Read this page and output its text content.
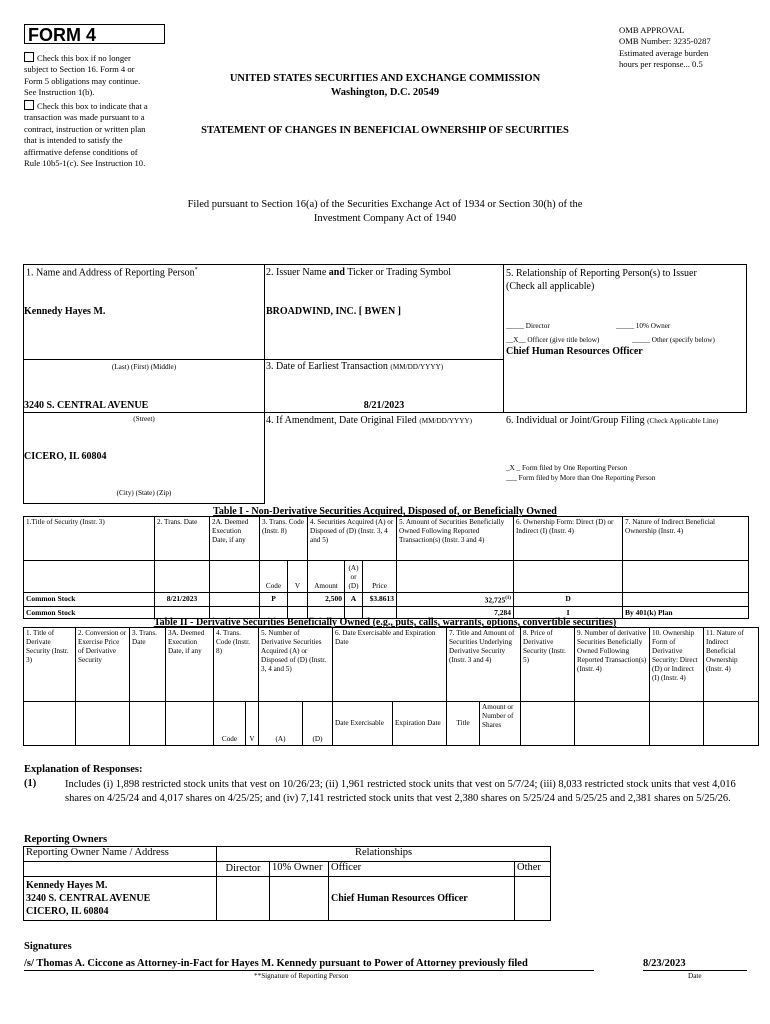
FORM 4
Check this box if no longer subject to Section 16. Form 4 or Form 5 obligations may continue. See Instruction 1(b).
Check this box to indicate that a transaction was made pursuant to a contract, instruction or written plan that is intended to satisfy the affirmative defense conditions of Rule 10b5-1(c). See Instruction 10.
UNITED STATES SECURITIES AND EXCHANGE COMMISSION
Washington, D.C. 20549
STATEMENT OF CHANGES IN BENEFICIAL OWNERSHIP OF SECURITIES
OMB APPROVAL
OMB Number: 3235-0287
Estimated average burden
hours per response... 0.5
Filed pursuant to Section 16(a) of the Securities Exchange Act of 1934 or Section 30(h) of the
Investment Company Act of 1940
1. Name and Address of Reporting Person*
Kennedy Hayes M.
(Last) (First) (Middle)
3240 S. CENTRAL AVENUE
(Street)
CICERO, IL 60804
(City) (State) (Zip)
2. Issuer Name and Ticker or Trading Symbol
BROADWIND, INC. [ BWEN ]
3. Date of Earliest Transaction (MM/DD/YYYY)
8/21/2023
4. If Amendment, Date Original Filed (MM/DD/YYYY)
5. Relationship of Reporting Person(s) to Issuer
(Check all applicable)
_____ Director	_____ 10% Owner
__X__ Officer (give title below)	_____ Other (specify below)
Chief Human Resources Officer
6. Individual or Joint/Group Filing (Check Applicable Line)
_X _ Form filed by One Reporting Person
___ Form filed by More than One Reporting Person
Table I - Non-Derivative Securities Acquired, Disposed of, or Beneficially Owned
1.Title of Security (Instr. 3)	2. Trans. Date	2A. Deemed Execution Date, if any	3. Trans. Code (Instr. 8)		4. Securities Acquired (A) or Disposed of (D) (Instr. 3, 4 and 5)			5. Amount of Securities Beneficially Owned Following Reported Transaction(s) (Instr. 3 and 4)	6. Ownership Form: Direct (D) or Indirect (I) (Instr. 4)	7. Nature of Indirect Beneficial Ownership (Instr. 4)
			Code	V	Amount	(A) or (D)	Price			
Common Stock	8/21/2023		P		2,500	A	$3.8613	32,725$^{(1)}$	D	
Common Stock								7,284	I	By 401(k) Plan
Table II - Derivative Securities Beneficially Owned (e.g., puts, calls, warrants, options, convertible securities)
1. Title of Derivate Security (Instr. 3)	2. Conversion or Exercise Price of Derivative Security	3. Trans. Date	3A. Deemed Execution Date, if any	4. Trans. Code (Instr. 8)		5. Number of Derivative Securities Acquired (A) or Disposed of (D) (Instr. 3, 4 and 5)		6. Date Exercisable and Expiration Date		7. Title and Amount of Securities Underlying Derivative Security (Instr. 3 and 4)		8. Price of Derivative Security (Instr. 5)	9. Number of derivative Securities Beneficially Owned Following Reported Transaction(s) (Instr. 4)	10. Ownership Form of Derivative Security: Direct (D) or Indirect (I) (Instr. 4)	11. Nature of Indirect Beneficial Ownership (Instr. 4)
				Code	V	(A)	(D)	Date Exercisable	Expiration Date	Title	Amount or Number of Shares				
Explanation of Responses:
(1)	Includes (i) 1,898 restricted stock units that vest on 10/26/23; (ii) 1,961 restricted stock units that vest on 5/7/24; (iii) 8,033 restricted stock units that vest 4,016 shares on 4/25/24 and 4,017 shares on 4/25/25; and (iv) 7,141 restricted stock units that vest 2,380 shares on 5/25/24 and 5/25/25 and 2,381 shares on 5/25/26.
Reporting Owners
Reporting Owner Name / Address	Relationships			
	Director	10% Owner	Officer	Other

Kennedy Hayes M.
3240 S. CENTRAL AVENUE
CICERO, IL 60804			Chief Human Resources Officer	
Signatures
/s/ Thomas A. Ciccone as Attorney-in-Fact for Hayes M. Kennedy pursuant to Power of Attorney previously filed	8/23/2023
**Signature of Reporting Person	Date
